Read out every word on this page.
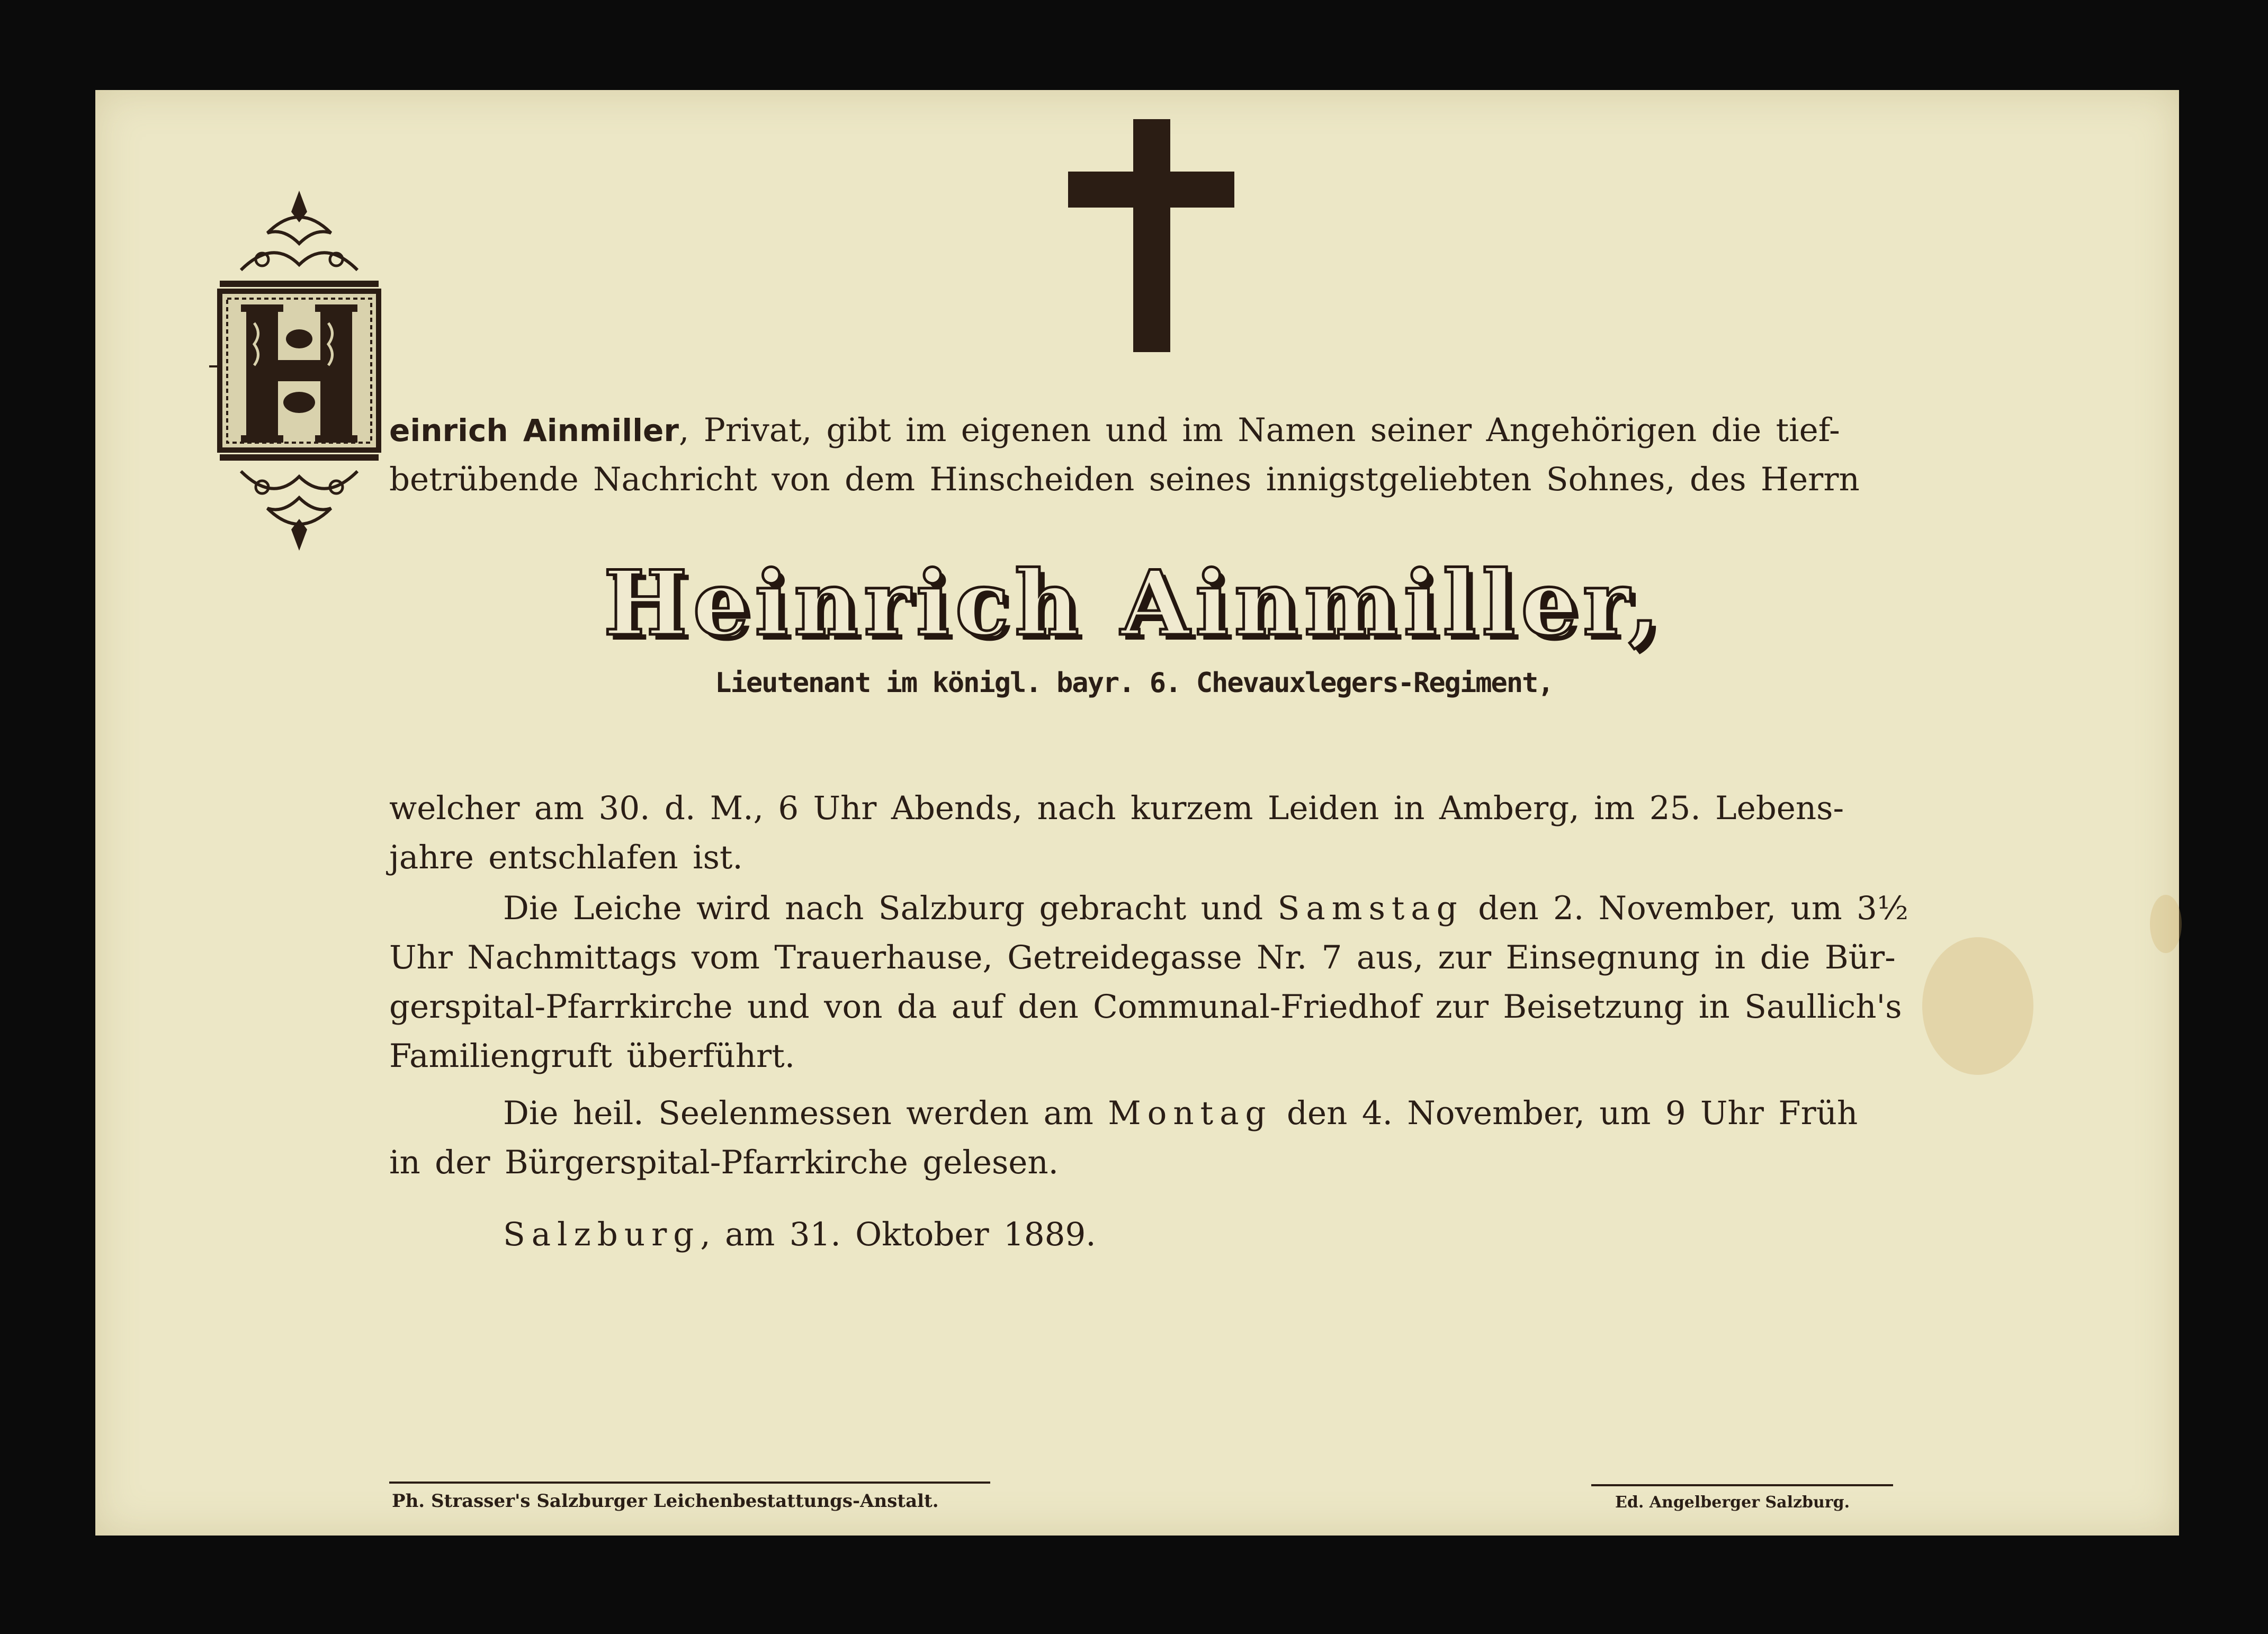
einrich Ainmiller, Privat, gibt im eigenen und im Namen seiner Angehörigen die tief-
betrübende Nachricht von dem Hinscheiden seines innigstgeliebten Sohnes, des Herrn
Heinrich Ainmiller,
Lieutenant im königl. bayr. 6. Chevauxlegers-Regiment,
welcher am 30. d. M., 6 Uhr Abends, nach kurzem Leiden in Amberg, im 25. Lebens-
jahre entschlafen ist.
Die Leiche wird nach Salzburg gebracht und Samstag den 2. November, um 3½
Uhr Nachmittags vom Trauerhause, Getreidegasse Nr. 7 aus, zur Einsegnung in die Bür-
gerspital-Pfarrkirche und von da auf den Communal-Friedhof zur Beisetzung in Saullich's
Familiengruft überführt.
Die heil. Seelenmessen werden am Montag den 4. November, um 9 Uhr Früh
in der Bürgerspital-Pfarrkirche gelesen.
Salzburg, am 31. Oktober 1889.
Ph. Strasser's Salzburger Leichenbestattungs-Anstalt.	Ed. Angelberger Salzburg.
